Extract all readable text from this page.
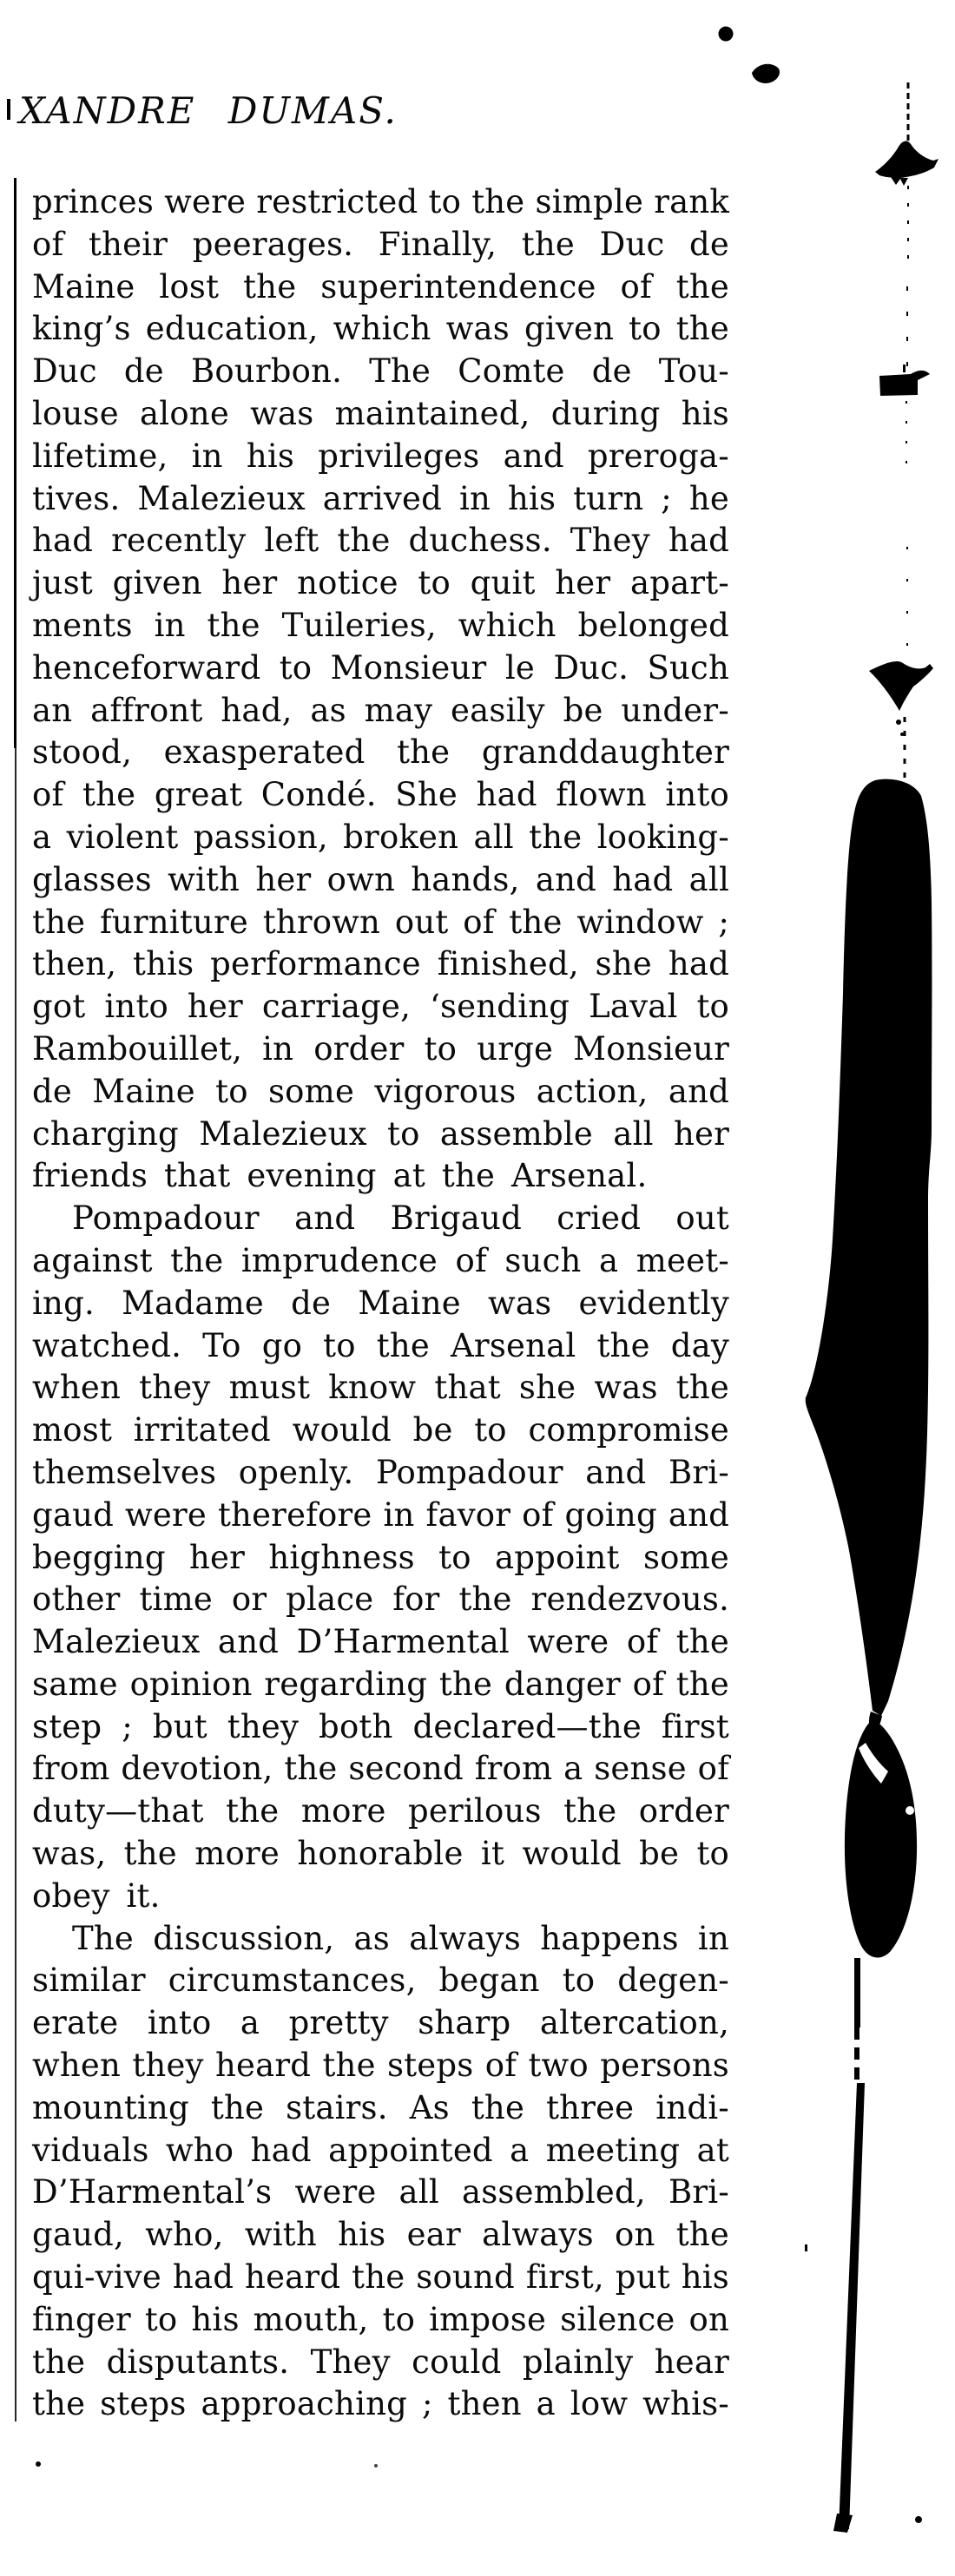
XANDRE DUMAS.
princes were restricted to the simple rank
of their peerages. Finally, the Duc de
Maine lost the superintendence of the
king’s education, which was given to the
Duc de Bourbon. The Comte de Tou-
louse alone was maintained, during his
lifetime, in his privileges and preroga-
tives. Malezieux arrived in his turn ; he
had recently left the duchess. They had
just given her notice to quit her apart-
ments in the Tuileries, which belonged
henceforward to Monsieur le Duc. Such
an affront had, as may easily be under-
stood, exasperated the granddaughter
of the great Condé. She had flown into
a violent passion, broken all the looking-
glasses with her own hands, and had all
the furniture thrown out of the window ;
then, this performance finished, she had
got into her carriage, ʻsending Laval to
Rambouillet, in order to urge Monsieur
de Maine to some vigorous action, and
charging Malezieux to assemble all her
friends that evening at the Arsenal.
Pompadour and Brigaud cried out
against the imprudence of such a meet-
ing. Madame de Maine was evidently
watched. To go to the Arsenal the day
when they must know that she was the
most irritated would be to compromise
themselves openly. Pompadour and Bri-
gaud were therefore in favor of going and
begging her highness to appoint some
other time or place for the rendezvous.
Malezieux and D’Harmental were of the
same opinion regarding the danger of the
step ; but they both declared—the first
from devotion, the second from a sense of
duty—that the more perilous the order
was, the more honorable it would be to
obey it.
The discussion, as always happens in
similar circumstances, began to degen-
erate into a pretty sharp altercation,
when they heard the steps of two persons
mounting the stairs. As the three indi-
viduals who had appointed a meeting at
D’Harmental’s were all assembled, Bri-
gaud, who, with his ear always on the
qui-vive had heard the sound first, put his
finger to his mouth, to impose silence on
the disputants. They could plainly hear
the steps approaching ; then a low whis-
